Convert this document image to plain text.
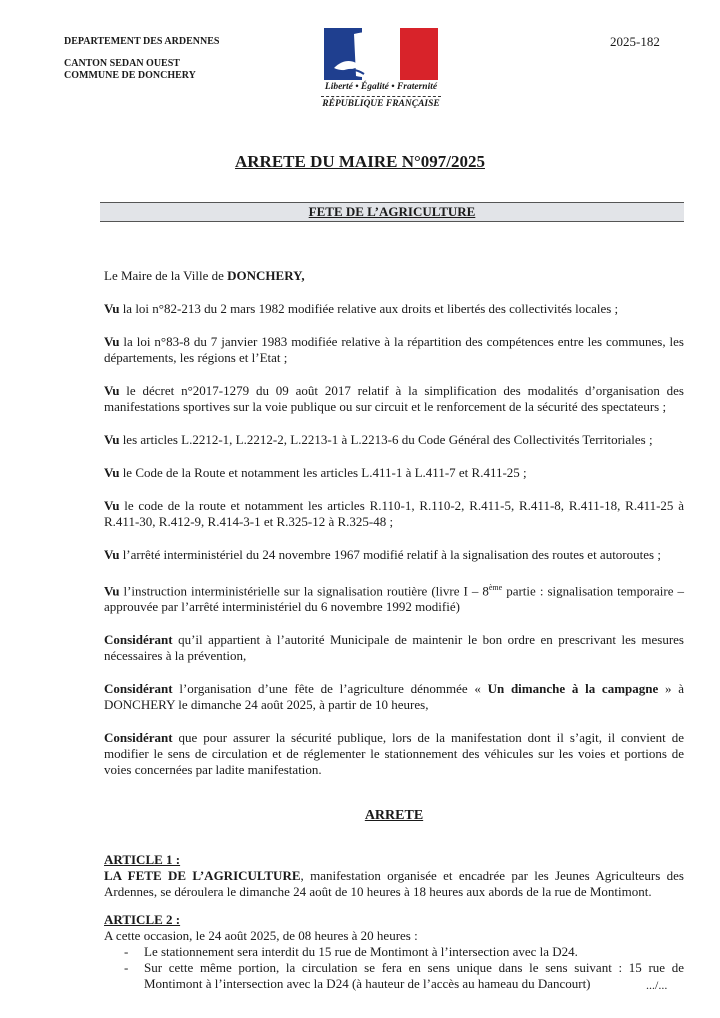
DEPARTEMENT DES ARDENNES
CANTON SEDAN OUEST
COMMUNE DE DONCHERY
2025-182
Liberté • Égalité • Fraternité
RÉPUBLIQUE FRANÇAISE
ARRETE DU MAIRE N°097/2025
FETE DE L’AGRICULTURE

Le Maire de la Ville de DONCHERY,

Vu la loi n°82-213 du 2 mars 1982 modifiée relative aux droits et libertés des collectivités locales ;

Vu la loi n°83-8 du 7 janvier 1983 modifiée relative à la répartition des compétences entre les communes, les départements, les régions et l’Etat ;

Vu le décret n°2017-1279 du 09 août 2017 relatif à la simplification des modalités d’organisation des manifestations sportives sur la voie publique ou sur circuit et le renforcement de la sécurité des spectateurs ;

Vu les articles L.2212-1, L.2212-2, L.2213-1 à L.2213-6 du Code Général des Collectivités Territoriales ;

Vu le Code de la Route et notamment les articles L.411-1 à L.411-7 et R.411-25 ;

Vu le code de la route et notamment les articles R.110-1, R.110-2, R.411-5, R.411-8, R.411-18, R.411-25 à R.411-30, R.412-9, R.414-3-1 et R.325-12 à R.325-48 ;

Vu l’arrêté interministériel du 24 novembre 1967 modifié relatif à la signalisation des routes et autoroutes ;

Vu l’instruction interministérielle sur la signalisation routière (livre I – 8ème partie : signalisation temporaire – approuvée par l’arrêté interministériel du 6 novembre 1992 modifié)

Considérant qu’il appartient à l’autorité Municipale de maintenir le bon ordre en prescrivant les mesures nécessaires à la prévention,

Considérant l’organisation d’une fête de l’agriculture dénommée « Un dimanche à la campagne » à DONCHERY le dimanche 24 août 2025, à partir de 10 heures,

Considérant que pour assurer la sécurité publique, lors de la manifestation dont il s’agit, il convient de modifier le sens de circulation et de réglementer le stationnement des véhicules sur les voies et portions de voies concernées par ladite manifestation.

ARRETE

ARTICLE 1 :

LA FETE DE L’AGRICULTURE, manifestation organisée et encadrée par les Jeunes Agriculteurs des Ardennes, se déroulera le dimanche 24 août de 10 heures à 18 heures aux abords de la rue de Montimont.

ARTICLE 2 :

A cette occasion, le 24 août 2025, de 08 heures à 20 heures :

- Le stationnement sera interdit du 15 rue de Montimont à l’intersection avec la D24.
- Sur cette même portion, la circulation se fera en sens unique dans le sens suivant : 15 rue de Montimont à l’intersection avec la D24 (à hauteur de l’accès au hameau du Dancourt)	.../...
